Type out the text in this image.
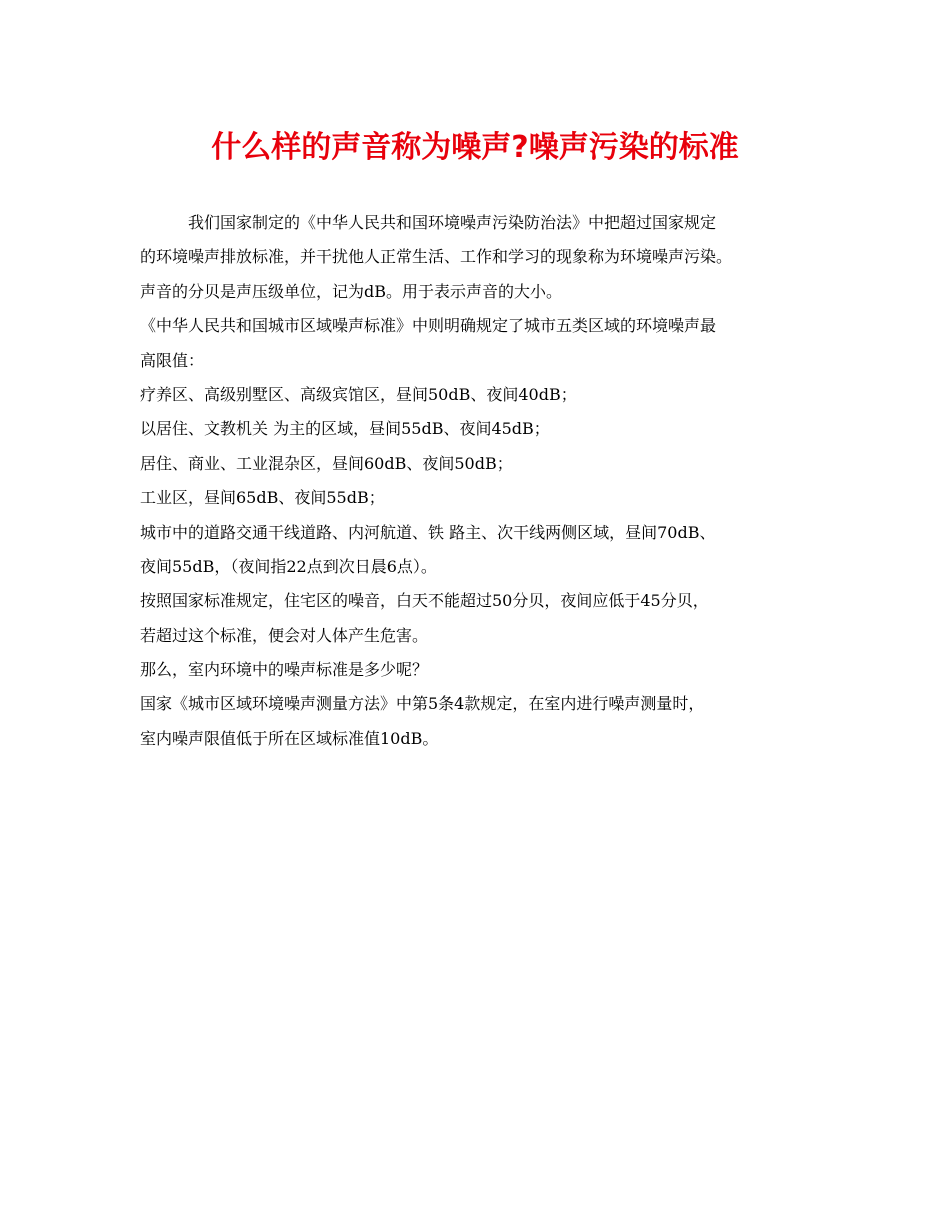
什么样的声音称为噪声?噪声污染的标准
我们国家制定的《中华人民共和国环境噪声污染防治法》中把超过国家规定
的环境噪声排放标准，并干扰他人正常生活、工作和学习的现象称为环境噪声污染。
声音的分贝是声压级单位，记为dB。用于表示声音的大小。
《中华人民共和国城市区域噪声标准》中则明确规定了城市五类区域的环境噪声最
高限值：
疗养区、高级别墅区、高级宾馆区，昼间50dB、夜间40dB；
以居住、文教机关 为主的区域，昼间55dB、夜间45dB；
居住、商业、工业混杂区，昼间60dB、夜间50dB；
工业区，昼间65dB、夜间55dB；
城市中的道路交通干线道路、内河航道、铁 路主、次干线两侧区域，昼间70dB、
夜间55dB，（夜间指22点到次日晨6点）。
按照国家标准规定，住宅区的噪音，白天不能超过50分贝，夜间应低于45分贝，
若超过这个标准，便会对人体产生危害。
那么，室内环境中的噪声标准是多少呢？
国家《城市区域环境噪声测量方法》中第5条4款规定，在室内进行噪声测量时，
室内噪声限值低于所在区域标准值10dB。
